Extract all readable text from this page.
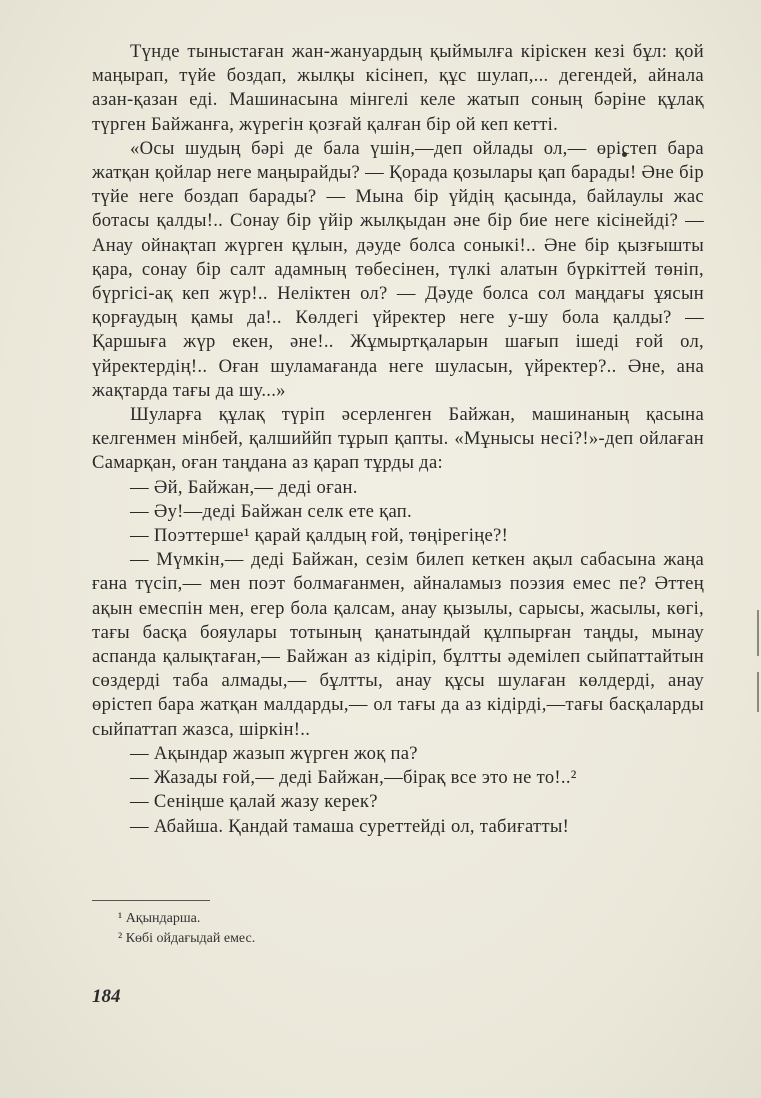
Түнде тыныстаған жан-жануардың қыймылға кіріскен кезі бұл: қой маңырап, түйе боздап, жылқы кісінеп, құс шулап,... дегендей, айнала азан-қазан еді. Машинасына мінгелі келе жатып соның бәріне құлақ түрген Байжанға, жүрегін қозғай қалған бір ой кеп кетті.

«Осы шудың бәрі де бала үшін,—деп ойлады ол,— өрістеп бара жатқан қойлар неге маңырайды? — Қорада қозылары қап барады! Әне бір түйе неге боздап барады? — Мына бір үйдің қасында, байлаулы жас ботасы қалды!.. Сонау бір үйір жылқыдан әне бір бие неге кісінейді? — Анау ойнақтап жүрген құлын, дәуде болса соныкі!.. Әне бір қызғышты қара, сонау бір салт адамның төбесінен, түлкі алатын бүркіттей төніп, бүргісі-ақ кеп жүр!.. Неліктен ол? — Дәуде болса сол маңдағы ұясын қорғаудың қамы да!.. Көлдегі үйректер неге у-шу бола қалды? — Қаршыға жүр екен, әне!.. Жұмыртқаларын шағып ішеді ғой ол, үйректердің!.. Оған шуламағанда неге шуласын, үйректер?.. Әне, ана жақтарда тағы да шу...»

Шуларға құлақ түріп әсерленген Байжан, машинаның қасына келгенмен мінбей, қалшиййп тұрып қапты. «Мұнысы несі?!»-деп ойлаған Самарқан, оған таңдана аз қарап тұрды да:

— Әй, Байжан,— деді оған.

— Әу!—деді Байжан селк ете қап.

— Поэттерше¹ қарай қалдың ғой, төңірегіңе?!

— Мүмкін,— деді Байжан, сезім билеп кеткен ақыл сабасына жаңа ғана түсіп,— мен поэт болмағанмен, айналамыз поэзия емес пе? Әттең ақын емеспін мен, егер бола қалсам, анау қызылы, сарысы, жасылы, көгі, тағы басқа бояулары тотының қанатындай құлпырған таңды, мынау аспанда қалықтаған,— Байжан аз кідіріп, бұлтты әдемілеп сыйпаттайтын сөздерді таба алмады,— бұлтты, анау құсы шулаған көлдерді, анау өрістеп бара жатқан малдарды,— ол тағы да аз кідірді,—тағы басқаларды сыйпаттап жазса, шіркін!..

— Ақындар жазып жүрген жоқ па?

— Жазады ғой,— деді Байжан,—бірақ все это не то!..²

— Сеніңше қалай жазу керек?

— Абайша. Қандай тамаша суреттейді ол, табиғатты!

¹ Ақындарша.
² Көбі ойдағыдай емес.
184
